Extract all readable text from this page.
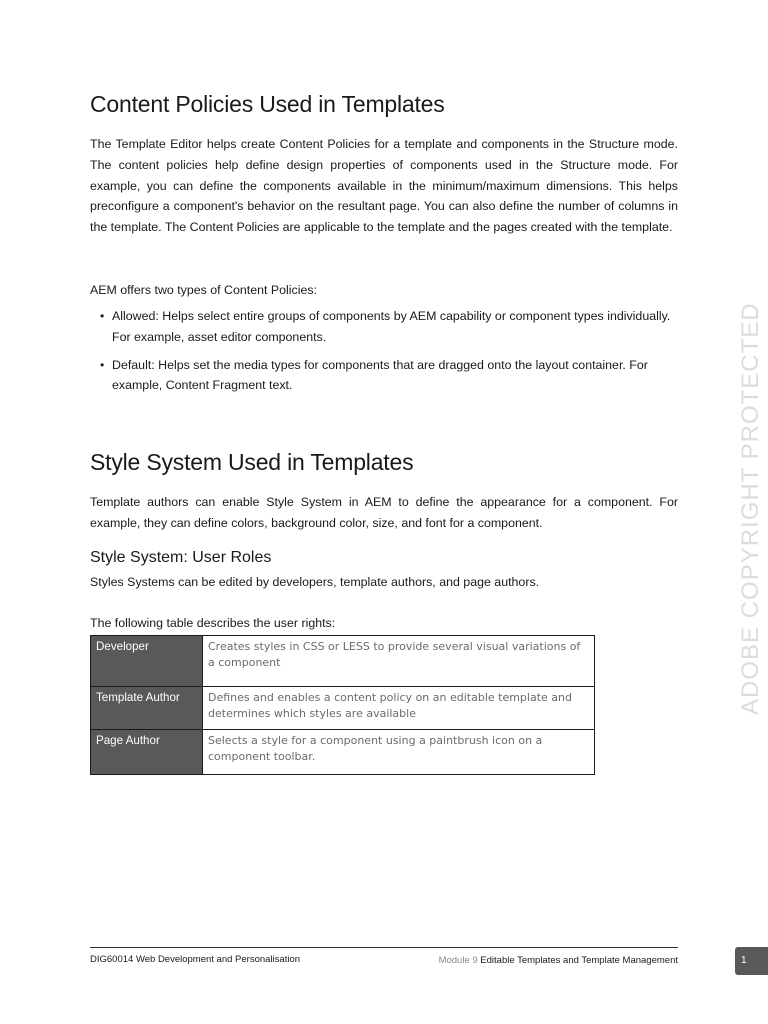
Content Policies Used in Templates

The Template Editor helps create Content Policies for a template and components in the Structure mode. The content policies help define design properties of components used in the Structure mode. For example, you can define the components available in the minimum/maximum dimensions. This helps preconfigure a component's behavior on the resultant page. You can also define the number of columns in the template. The Content Policies are applicable to the template and the pages created with the template.

AEM offers two types of Content Policies:

• Allowed: Helps select entire groups of components by AEM capability or component types individually. For example, asset editor components.
• Default: Helps set the media types for components that are dragged onto the layout container. For example, Content Fragment text.
Style System Used in Templates

Template authors can enable Style System in AEM to define the appearance for a component. For example, they can define colors, background color, size, and font for a component.

Style System: User Roles

Styles Systems can be edited by developers, template authors, and page authors.

The following table describes the user rights:

Developer	Creates styles in CSS or LESS to provide several visual variations of a component
Template Author	Defines and enables a content policy on an editable template and determines which styles are available
Page Author	Selects a style for a component using a paintbrush icon on a component toolbar.
ADOBE COPYRIGHT PROTECTED
DIG60014 Web Development and Personalisation	Module 9 Editable Templates and Template Management	1
